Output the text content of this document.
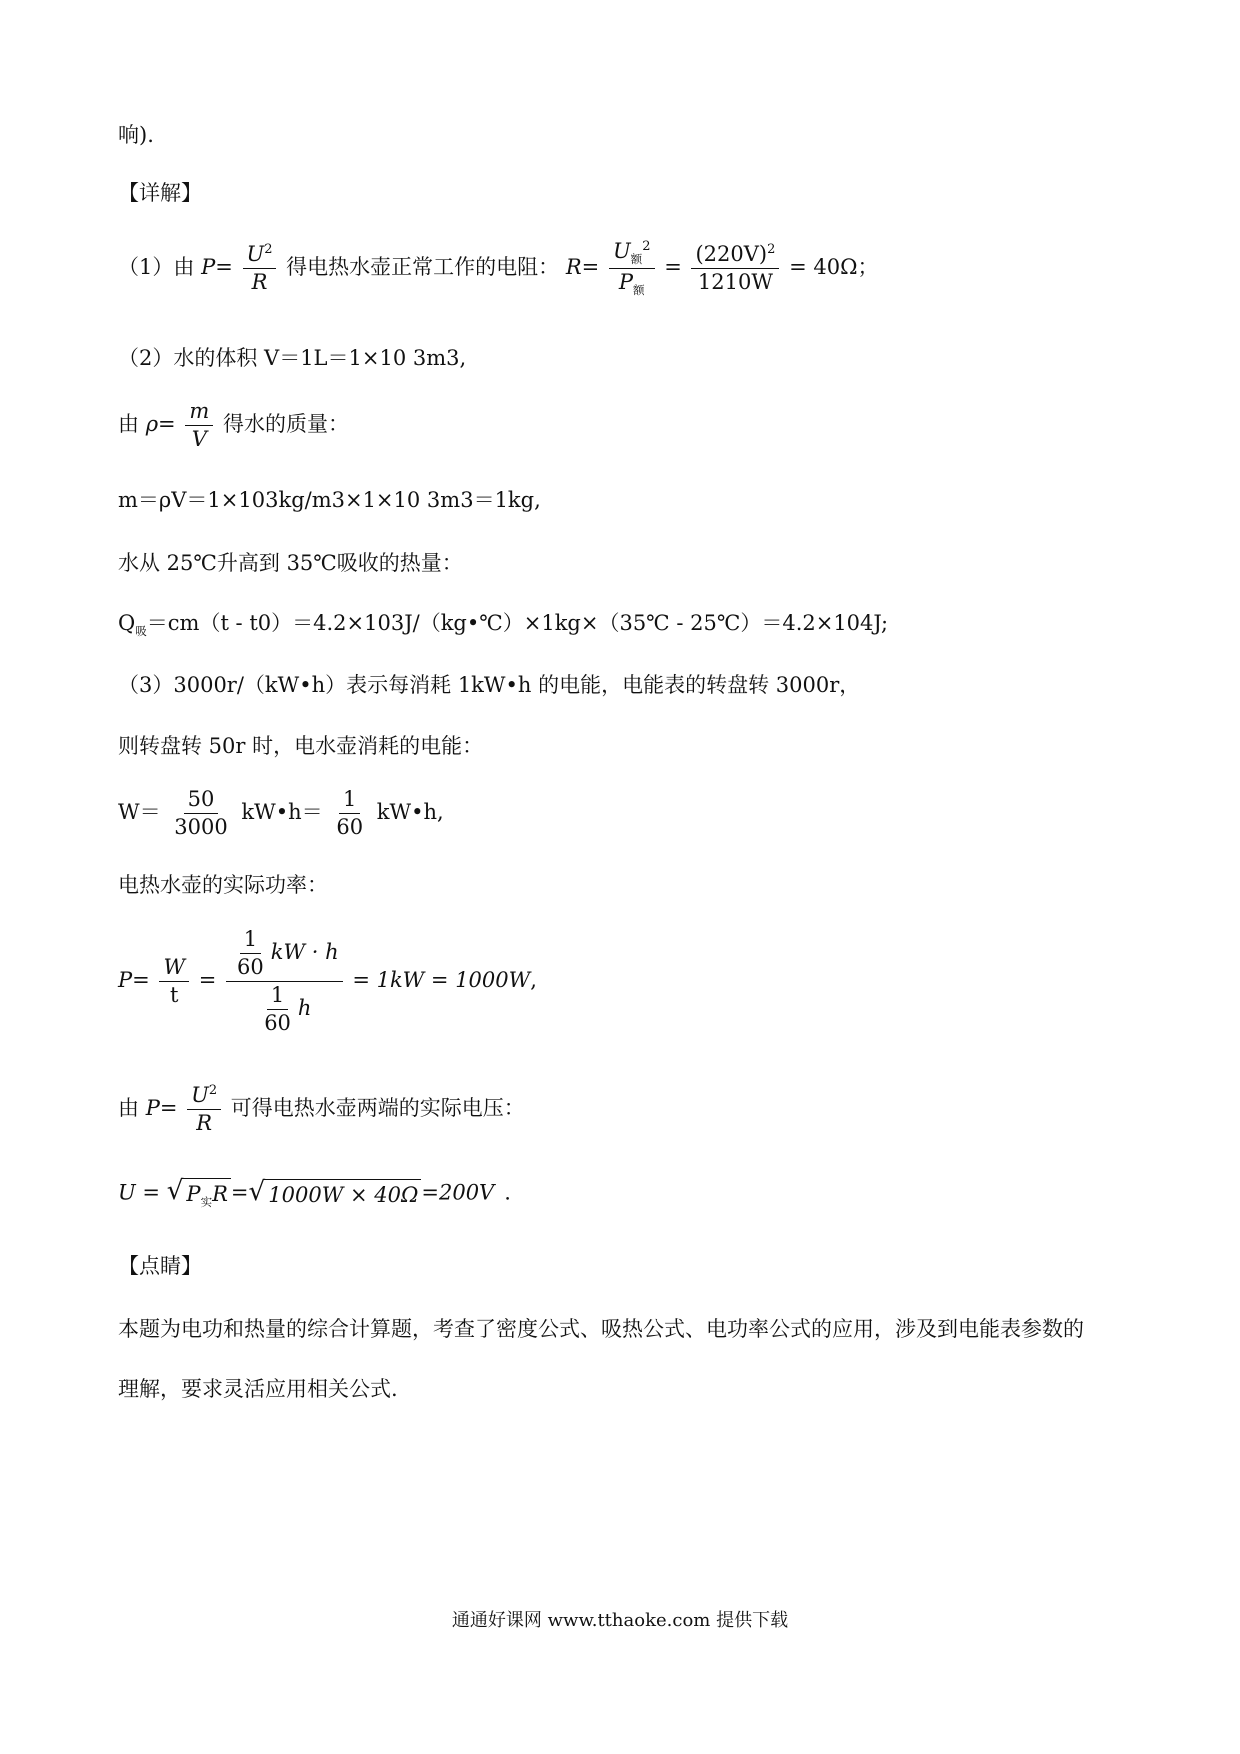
响).
【详解】
（1）由 $P= \frac{U^2}{R}$ 得电热水壶正常工作的电阻： $R= \frac{U_额^2}{P_额} = \frac{(220V)^2}{1210W} = 40\Omega$；
（2）水的体积 V＝1L＝1×10 3m3,
由 $\rho= \frac{m}{V}$ 得水的质量：
m＝ρV＝1×103kg/m3×1×10 3m3＝1kg,
水从 25℃升高到 35℃吸收的热量：
$Q_吸=cm(t$ - t0）＝4.2×103J/（kg•℃）×1kg×（35℃ - 25℃）＝4.2×104J;
（3）3000r/（kW•h）表示每消耗 1kW•h 的电能，电能表的转盘转 3000r，
则转盘转 50r 时，电水壶消耗的电能：
$W= \frac{50}{3000}$ kW•h＝ $\frac{1}{60}$ kW•h,
电热水壶的实际功率：
$P= \frac{W}{t} = \frac{\frac{1}{60} kW \cdot h}{\frac{1}{60} h} = 1kW = 1000W$,
由 $P= \frac{U^2}{R}$ 可得电热水壶两端的实际电压：
U = √ $P_实R$ = √ 1000W × 40Ω =200V .
【点睛】
本题为电功和热量的综合计算题，考查了密度公式、吸热公式、电功率公式的应用，涉及到电能表参数的
理解，要求灵活应用相关公式.
通通好课网 www.tthaoke.com 提供下载
